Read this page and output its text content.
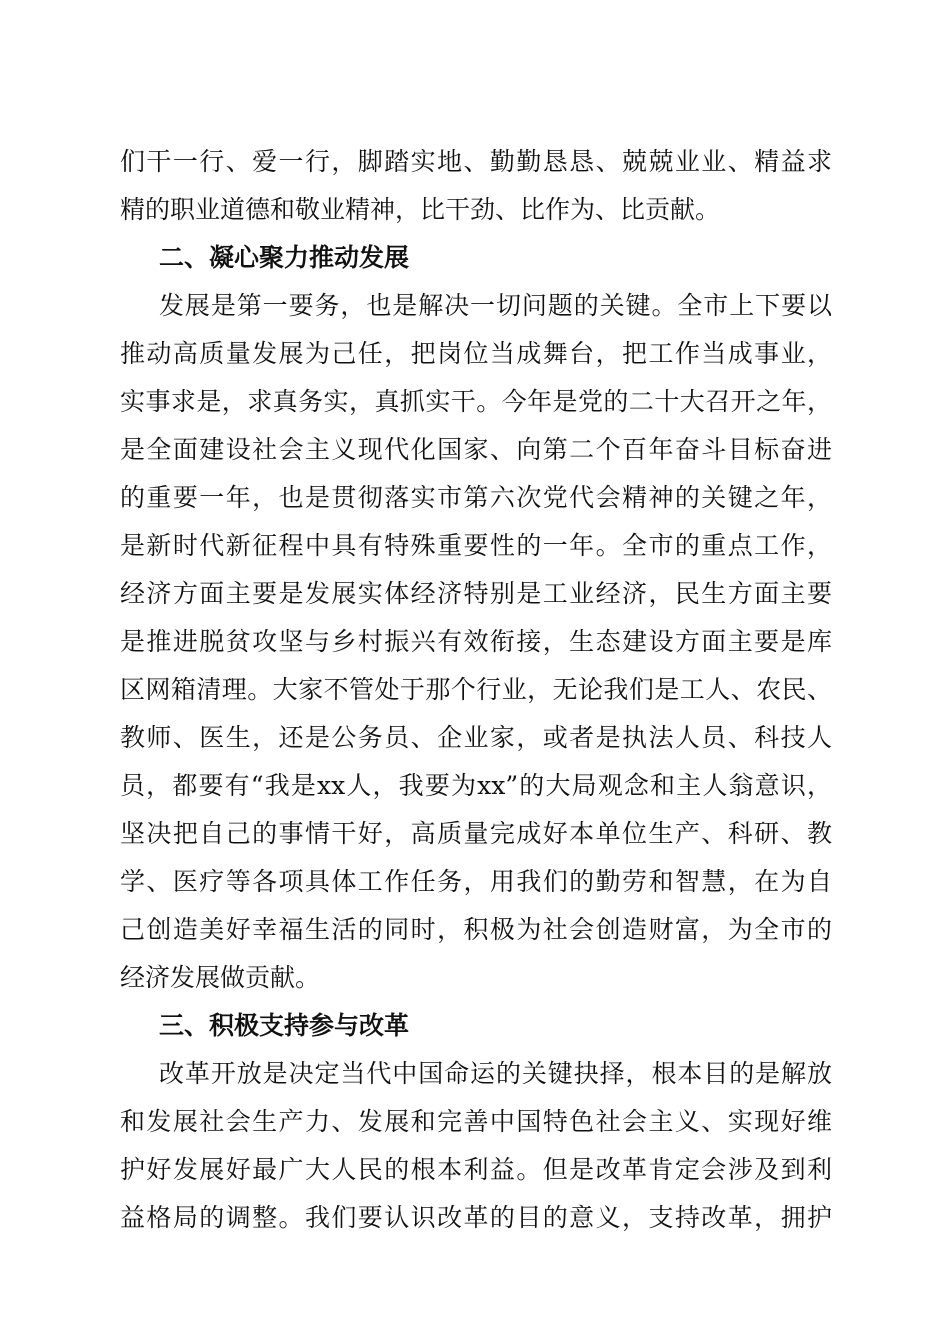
们干一行、爱一行，脚踏实地、勤勤恳恳、兢兢业业、精益求
精的职业道德和敬业精神，比干劲、比作为、比贡献。
二、凝心聚力推动发展
发展是第一要务，也是解决一切问题的关键。全市上下要以
推动高质量发展为己任，把岗位当成舞台，把工作当成事业，
实事求是，求真务实，真抓实干。今年是党的二十大召开之年，
是全面建设社会主义现代化国家、向第二个百年奋斗目标奋进
的重要一年，也是贯彻落实市第六次党代会精神的关键之年，
是新时代新征程中具有特殊重要性的一年。全市的重点工作，
经济方面主要是发展实体经济特别是工业经济，民生方面主要
是推进脱贫攻坚与乡村振兴有效衔接，生态建设方面主要是库
区网箱清理。大家不管处于那个行业，无论我们是工人、农民、
教师、医生，还是公务员、企业家，或者是执法人员、科技人
员，都要有“我是xx人，我要为xx”的大局观念和主人翁意识，
坚决把自己的事情干好，高质量完成好本单位生产、科研、教
学、医疗等各项具体工作任务，用我们的勤劳和智慧，在为自
己创造美好幸福生活的同时，积极为社会创造财富，为全市的
经济发展做贡献。
三、积极支持参与改革
改革开放是决定当代中国命运的关键抉择，根本目的是解放
和发展社会生产力、发展和完善中国特色社会主义、实现好维
护好发展好最广大人民的根本利益。但是改革肯定会涉及到利
益格局的调整。我们要认识改革的目的意义，支持改革，拥护
